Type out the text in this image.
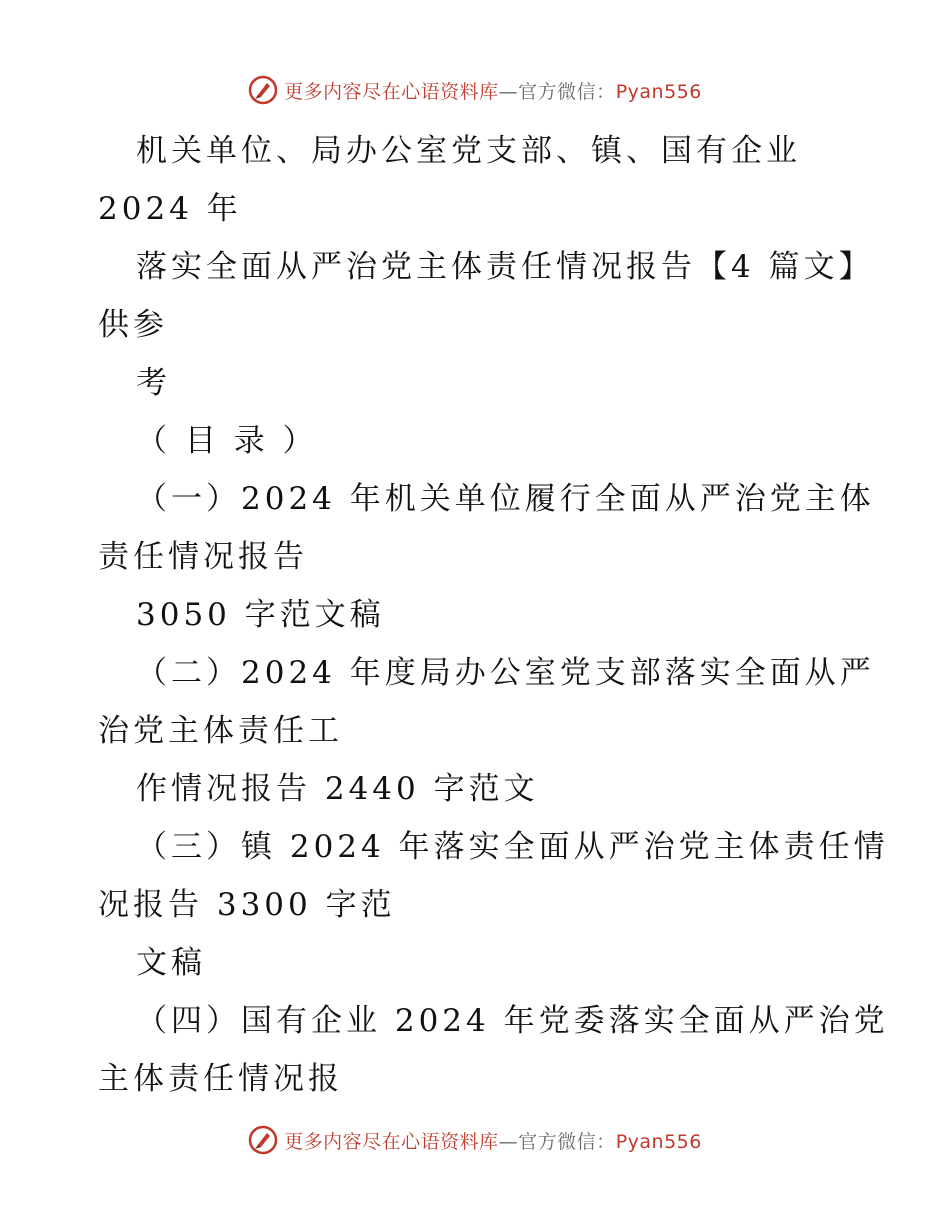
更多内容尽在心语资料库—官方微信：Pyan556
机关单位、局办公室党支部、镇、国有企业
2024 年
落实全面从严治党主体责任情况报告【4 篇文】
供参
考
（ 目 录 ）
（一）2024 年机关单位履行全面从严治党主体
责任情况报告
3050 字范文稿
（二）2024 年度局办公室党支部落实全面从严
治党主体责任工
作情况报告 2440 字范文
（三）镇 2024 年落实全面从严治党主体责任情
况报告 3300 字范
文稿
（四）国有企业 2024 年党委落实全面从严治党
主体责任情况报
更多内容尽在心语资料库—官方微信：Pyan556
